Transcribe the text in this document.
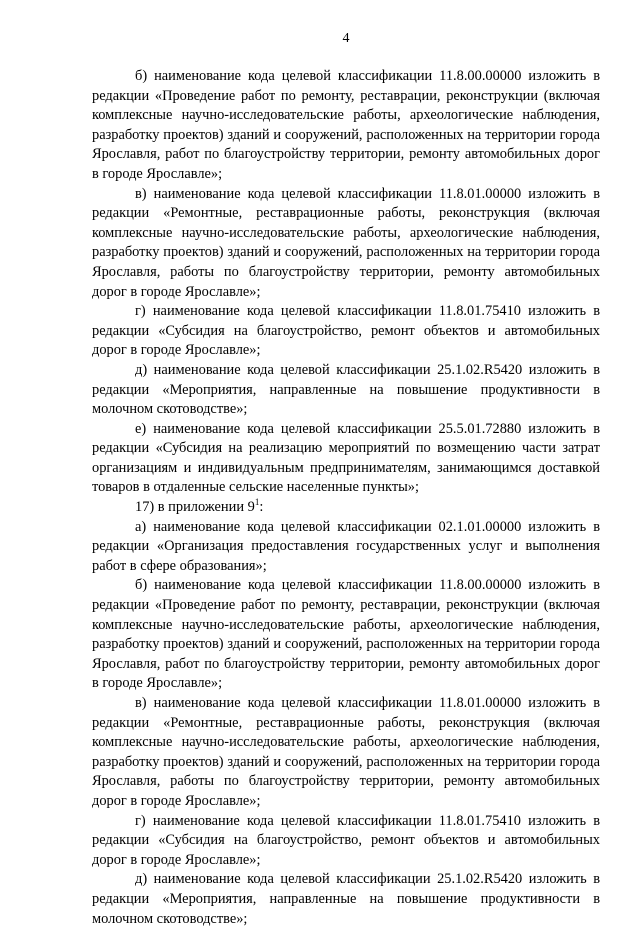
4

б) наименование кода целевой классификации 11.8.00.00000 изложить в редакции «Проведение работ по ремонту, реставрации, реконструкции (включая комплексные научно-исследовательские работы, археологические наблюдения, разработку проектов) зданий и сооружений, расположенных на территории города Ярославля, работ по благоустройству территории, ремонту автомобильных дорог в городе Ярославле»;

в) наименование кода целевой классификации 11.8.01.00000 изложить в редакции «Ремонтные, реставрационные работы, реконструкция (включая комплексные научно-исследовательские работы, археологические наблюдения, разработку проектов) зданий и сооружений, расположенных на территории города Ярославля, работы по благоустройству территории, ремонту автомобильных дорог в городе Ярославле»;

г) наименование кода целевой классификации 11.8.01.75410 изложить в редакции «Субсидия на благоустройство, ремонт объектов и автомобильных дорог в городе Ярославле»;

д) наименование кода целевой классификации 25.1.02.R5420 изложить в редакции «Мероприятия, направленные на повышение продуктивности в молочном скотоводстве»;

е) наименование кода целевой классификации 25.5.01.72880 изложить в редакции «Субсидия на реализацию мероприятий по возмещению части затрат организациям и индивидуальным предпринимателям, занимающимся доставкой товаров в отдаленные сельские населенные пункты»;

17) в приложении $9^1$:

а) наименование кода целевой классификации 02.1.01.00000 изложить в редакции «Организация предоставления государственных услуг и выполнения работ в сфере образования»;

б) наименование кода целевой классификации 11.8.00.00000 изложить в редакции «Проведение работ по ремонту, реставрации, реконструкции (включая комплексные научно-исследовательские работы, археологические наблюдения, разработку проектов) зданий и сооружений, расположенных на территории города Ярославля, работ по благоустройству территории, ремонту автомобильных дорог в городе Ярославле»;

в) наименование кода целевой классификации 11.8.01.00000 изложить в редакции «Ремонтные, реставрационные работы, реконструкция (включая комплексные научно-исследовательские работы, археологические наблюдения, разработку проектов) зданий и сооружений, расположенных на территории города Ярославля, работы по благоустройству территории, ремонту автомобильных дорог в городе Ярославле»;

г) наименование кода целевой классификации 11.8.01.75410 изложить в редакции «Субсидия на благоустройство, ремонт объектов и автомобильных дорог в городе Ярославле»;

д) наименование кода целевой классификации 25.1.02.R5420 изложить в редакции «Мероприятия, направленные на повышение продуктивности в молочном скотоводстве»;
